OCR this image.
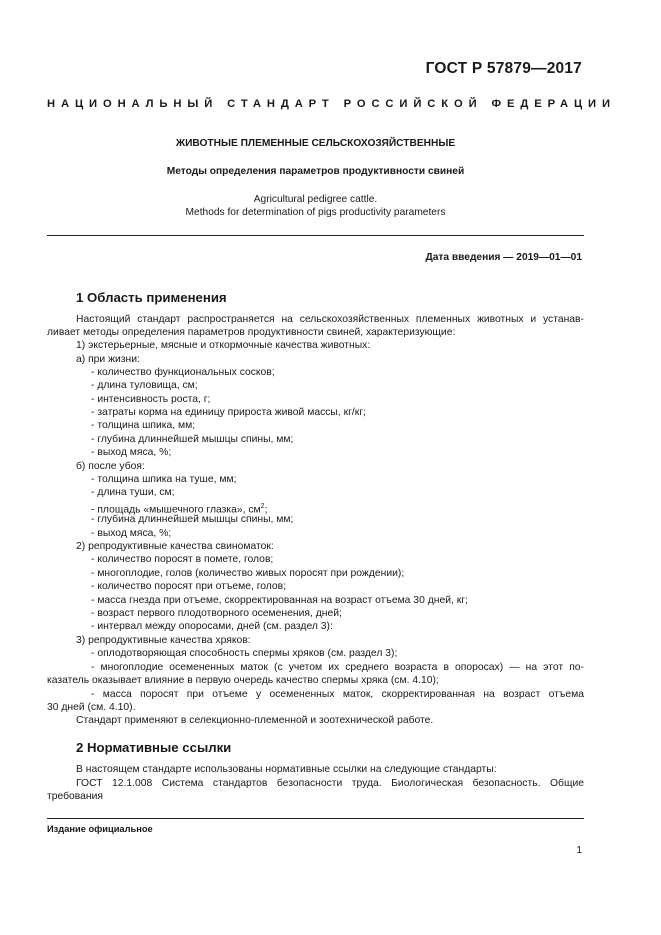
ГОСТ Р 57879—2017
НАЦИОНАЛЬНЫЙ СТАНДАРТ РОССИЙСКОЙ ФЕДЕРАЦИИ
ЖИВОТНЫЕ ПЛЕМЕННЫЕ СЕЛЬСКОХОЗЯЙСТВЕННЫЕ
Методы определения параметров продуктивности свиней
Agricultural pedigree cattle.
Methods for determination of pigs productivity parameters
Дата введения — 2019—01—01
1 Область применения
Настоящий стандарт распространяется на сельскохозяйственных племенных животных и устанав-
ливает методы определения параметров продуктивности свиней, характеризующие:
1) экстерьерные, мясные и откормочные качества животных:
а) при жизни:
- количество функциональных сосков;
- длина туловища, см;
- интенсивность роста, г;
- затраты корма на единицу прироста живой массы, кг/кг;
- толщина шпика, мм;
- глубина длиннейшей мышцы спины, мм;
- выход мяса, %;
б) после убоя:
- толщина шпика на туше, мм;
- длина туши, см;
- площадь «мышечного глазка», $см^2$;
- глубина длиннейшей мышцы спины, мм;
- выход мяса, %;
2) репродуктивные качества свиноматок:
- количество поросят в помете, голов;
- многоплодие, голов (количество живых поросят при рождении);
- количество поросят при отъеме, голов;
- масса гнезда при отъеме, скорректированная на возраст отъема 30 дней, кг;
- возраст первого плодотворного осеменения, дней;
- интервал между опоросами, дней (см. раздел 3):
3) репродуктивные качества хряков:
- оплодотворяющая способность спермы хряков (см. раздел 3);
- многоплодие осемененных маток (с учетом их среднего возраста в опоросах) — на этот по-
казатель оказывает влияние в первую очередь качество спермы хряка (см. 4.10);
- масса поросят при отъеме у осемененных маток, скорректированная на возраст отъема
30 дней (см. 4.10).
Стандарт применяют в селекционно-племенной и зоотехнической работе.
2 Нормативные ссылки
В настоящем стандарте использованы нормативные ссылки на следующие стандарты:
ГОСТ 12.1.008 Система стандартов безопасности труда. Биологическая безопасность. Общие
требования
Издание официальное
1
